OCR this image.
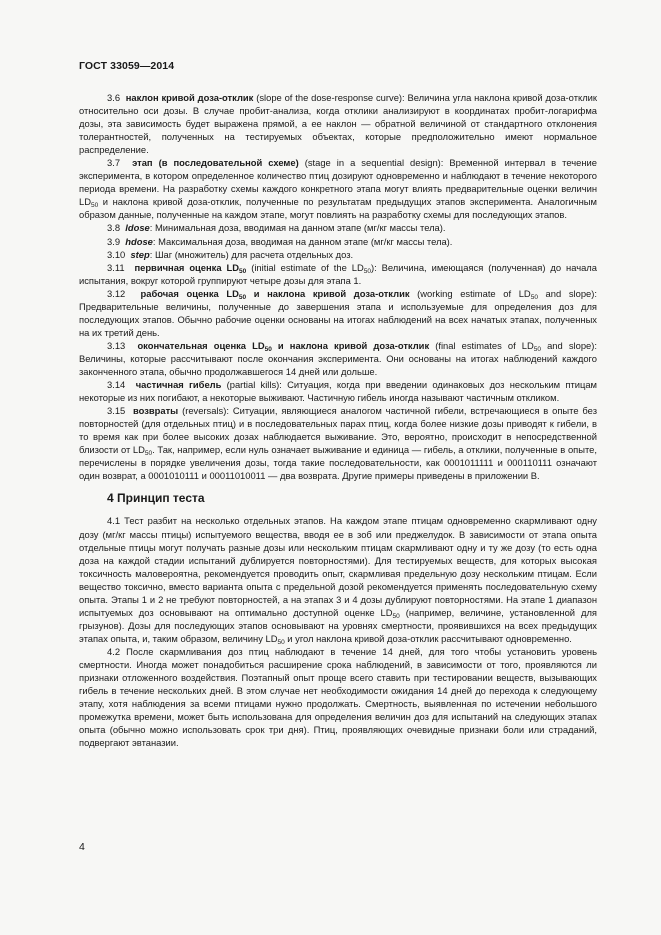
ГОСТ 33059—2014

3.6 наклон кривой доза-отклик (slope of the dose-response curve): Величина угла наклона кривой доза-отклик относительно оси дозы. В случае пробит-анализа, когда отклики анализируют в координатах пробит-логарифма дозы, эта зависимость будет выражена прямой, а ее наклон — обратной величиной от стандартного отклонения толерантностей, полученных на тестируемых объектах, которые предположительно имеют нормальное распределение.

3.7 этап (в последовательной схеме) (stage in a sequential design): Временной интервал в течение эксперимента, в котором определенное количество птиц дозируют одновременно и наблюдают в течение некоторого периода времени. На разработку схемы каждого конкретного этапа могут влиять предварительные оценки величин $LD_{50}$ и наклона кривой доза-отклик, полученные по результатам предыдущих этапов эксперимента. Аналогичным образом данные, полученные на каждом этапе, могут повлиять на разработку схемы для последующих этапов.

3.8 ldose: Минимальная доза, вводимая на данном этапе (мг/кг массы тела).

3.9 hdose: Максимальная доза, вводимая на данном этапе (мг/кг массы тела).

3.10 step: Шаг (множитель) для расчета отдельных доз.

3.11 первичная оценка $LD_{50}$ (initial estimate of the $LD_{50}$): Величина, имеющаяся (полученная) до начала испытания, вокруг которой группируют четыре дозы для этапа 1.

3.12 рабочая оценка $LD_{50}$ и наклона кривой доза-отклик (working estimate of $LD_{50}$ and slope): Предварительные величины, полученные до завершения этапа и используемые для определения доз для последующих этапов. Обычно рабочие оценки основаны на итогах наблюдений на всех начатых этапах, полученных на их третий день.

3.13 окончательная оценка $LD_{50}$ и наклона кривой доза-отклик (final estimates of $LD_{50}$ and slope): Величины, которые рассчитывают после окончания эксперимента. Они основаны на итогах наблюдений каждого законченного этапа, обычно продолжавшегося 14 дней или дольше.

3.14 частичная гибель (partial kills): Ситуация, когда при введении одинаковых доз нескольким птицам некоторые из них погибают, а некоторые выживают. Частичную гибель иногда называют частичным откликом.

3.15 возвраты (reversals): Ситуации, являющиеся аналогом частичной гибели, встречающиеся в опыте без повторностей (для отдельных птиц) и в последовательных парах птиц, когда более низкие дозы приводят к гибели, в то время как при более высоких дозах наблюдается выживание. Это, вероятно, происходит в непосредственной близости от $LD_{50}$. Так, например, если нуль означает выживание и единица — гибель, а отклики, полученные в опыте, перечислены в порядке увеличения дозы, тогда такие последовательности, как 0001011111 и 000110111 означают один возврат, а 0001010111 и 00011010011 — два возврата. Другие примеры приведены в приложении В.

4 Принцип теста

4.1 Тест разбит на несколько отдельных этапов. На каждом этапе птицам одновременно скармливают одну дозу (мг/кг массы птицы) испытуемого вещества, вводя ее в зоб или преджелудок. В зависимости от этапа опыта отдельные птицы могут получать разные дозы или нескольким птицам скармливают одну и ту же дозу (то есть одна доза на каждой стадии испытаний дублируется повторностями). Для тестируемых веществ, для которых высокая токсичность маловероятна, рекомендуется проводить опыт, скармливая предельную дозу нескольким птицам. Если вещество токсично, вместо варианта опыта с предельной дозой рекомендуется применять последовательную схему опыта. Этапы 1 и 2 не требуют повторностей, а на этапах 3 и 4 дозы дублируют повторностями. На этапе 1 диапазон испытуемых доз основывают на оптимально доступной оценке $LD_{50}$ (например, величине, установленной для грызунов). Дозы для последующих этапов основывают на уровнях смертности, проявившихся на всех предыдущих этапах опыта, и, таким образом, величину $LD_{50}$ и угол наклона кривой доза-отклик рассчитывают одновременно.

4.2 После скармливания доз птиц наблюдают в течение 14 дней, для того чтобы установить уровень смертности. Иногда может понадобиться расширение срока наблюдений, в зависимости от того, проявляются ли признаки отложенного воздействия. Поэтапный опыт проще всего ставить при тестировании веществ, вызывающих гибель в течение нескольких дней. В этом случае нет необходимости ожидания 14 дней до перехода к следующему этапу, хотя наблюдения за всеми птицами нужно продолжать. Смертность, выявленная по истечении небольшого промежутка времени, может быть использована для определения величин доз для испытаний на следующих этапах опыта (обычно можно использовать срок три дня). Птиц, проявляющих очевидные признаки боли или страданий, подвергают эвтаназии.

4
